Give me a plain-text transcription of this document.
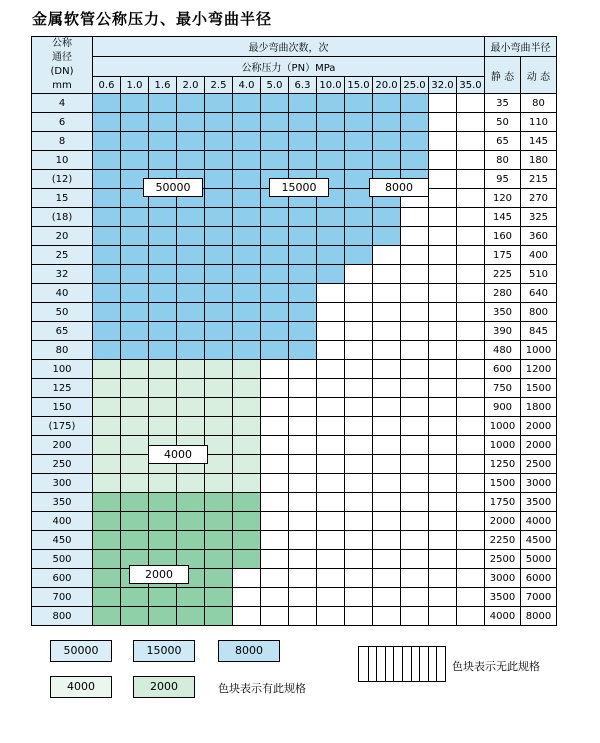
金属软管公称压力、最小弯曲半径
公称
通径
(DN)
mm	最少弯曲次数，次														最小弯曲半径	
	公称压力（PN）MPa														静 态	动 态
	0.6	1.0	1.6	2.0	2.5	4.0	5.0	6.3	10.0	15.0	20.0	25.0	32.0	35.0		
4															35	80
6															50	110
8															65	145
10															80	180
(12)															95	215
15															120	270
(18)															145	325
20															160	360
25															175	400
32															225	510
40															280	640
50															350	800
65															390	845
80															480	1000
100															600	1200
125															750	1500
150															900	1800
(175)															1000	2000
200															1000	2000
250															1250	2500
300															1500	3000
350															1750	3500
400															2000	4000
450															2250	4500
500															2500	5000
600															3000	6000
700															3500	7000
800															4000	8000
50000	15000	8000
4000
2000
50000	15000	8000
4000	2000	色块表示有此规格
色块表示无此规格
